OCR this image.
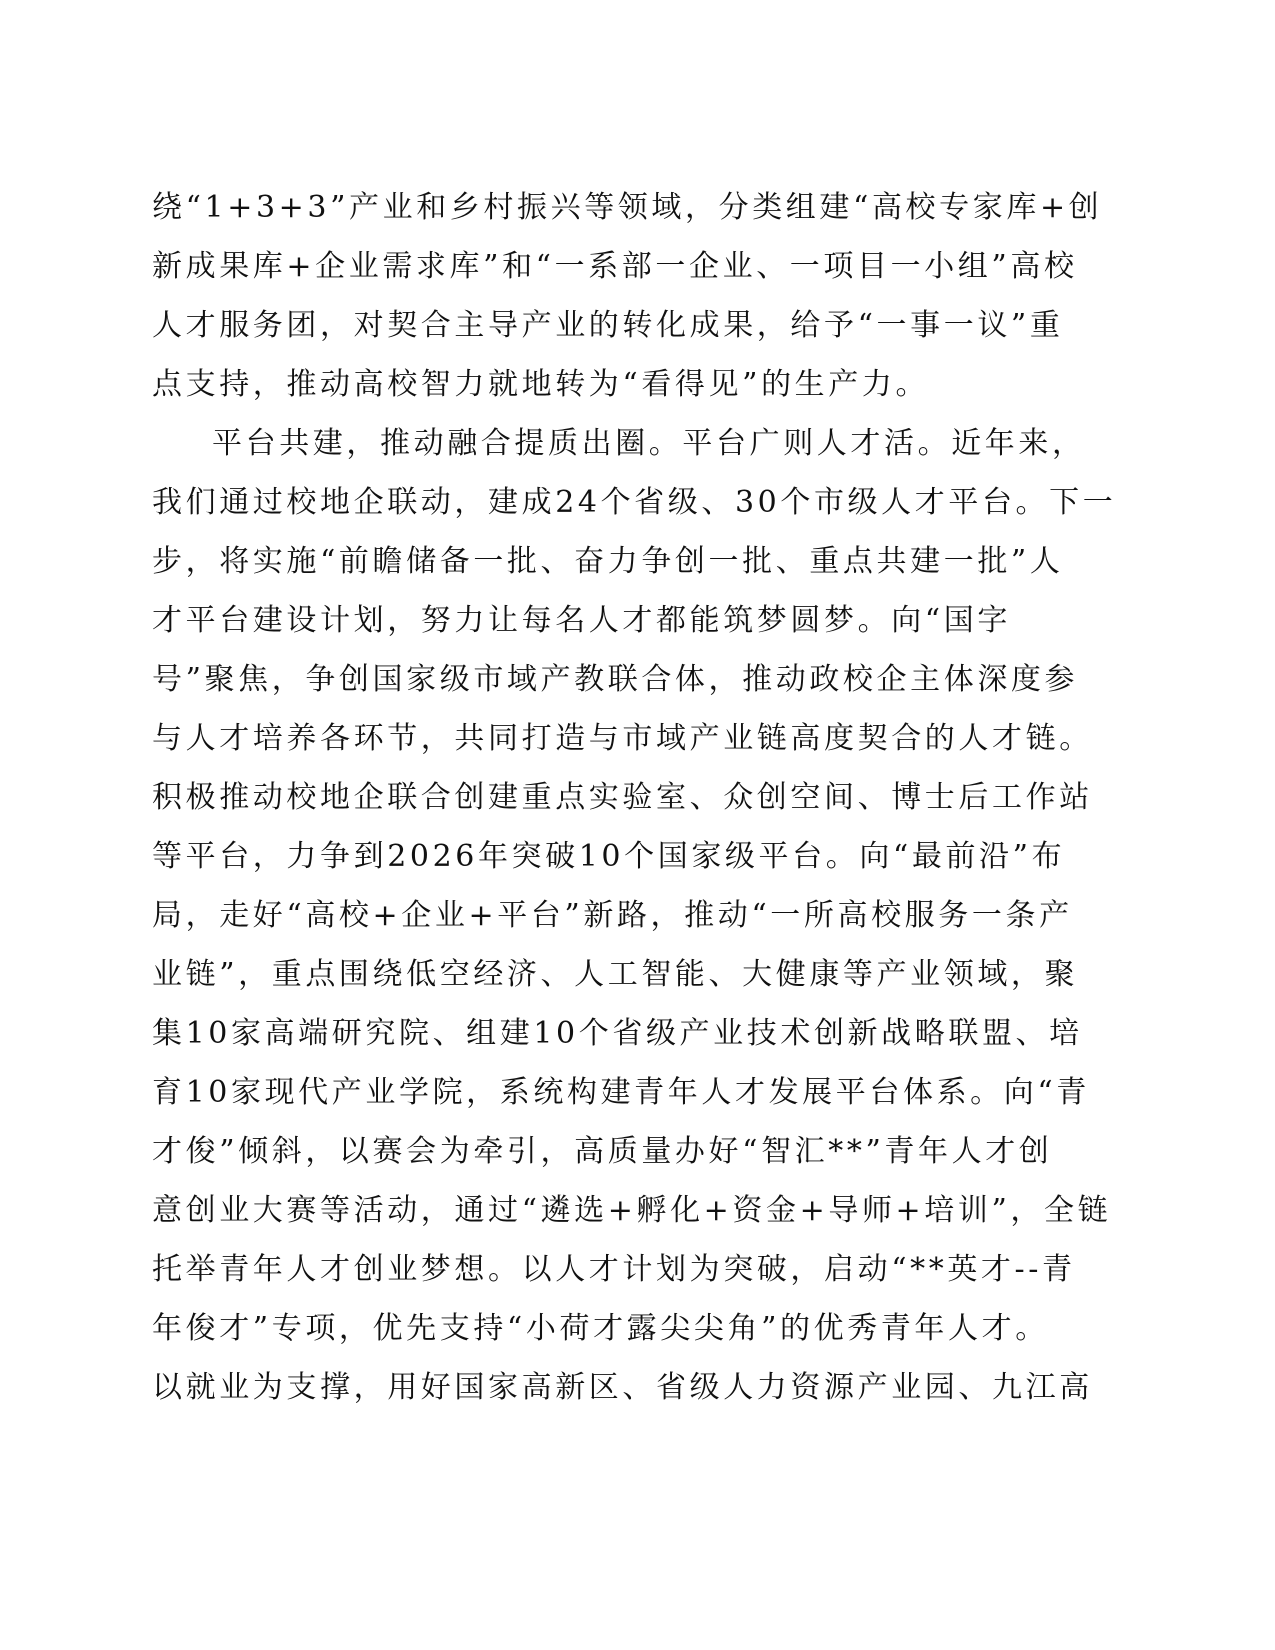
绕“1+3+3”产业和乡村振兴等领域，分类组建“高校专家库+创
新成果库+企业需求库”和“一系部一企业、一项目一小组”高校
人才服务团，对契合主导产业的转化成果，给予“一事一议”重
点支持，推动高校智力就地转为“看得见”的生产力。
平台共建，推动融合提质出圈。平台广则人才活。近年来，
我们通过校地企联动，建成24个省级、30个市级人才平台。下一
步，将实施“前瞻储备一批、奋力争创一批、重点共建一批”人
才平台建设计划，努力让每名人才都能筑梦圆梦。向“国字
号”聚焦，争创国家级市域产教联合体，推动政校企主体深度参
与人才培养各环节，共同打造与市域产业链高度契合的人才链。
积极推动校地企联合创建重点实验室、众创空间、博士后工作站
等平台，力争到2026年突破10个国家级平台。向“最前沿”布
局，走好“高校+企业+平台”新路，推动“一所高校服务一条产
业链”，重点围绕低空经济、人工智能、大健康等产业领域，聚
集10家高端研究院、组建10个省级产业技术创新战略联盟、培
育10家现代产业学院，系统构建青年人才发展平台体系。向“青
才俊”倾斜，以赛会为牵引，高质量办好“智汇**”青年人才创
意创业大赛等活动，通过“遴选+孵化+资金+导师+培训”，全链
托举青年人才创业梦想。以人才计划为突破，启动“**英才--青
年俊才”专项，优先支持“小荷才露尖尖角”的优秀青年人才。
以就业为支撑，用好国家高新区、省级人力资源产业园、九江高
